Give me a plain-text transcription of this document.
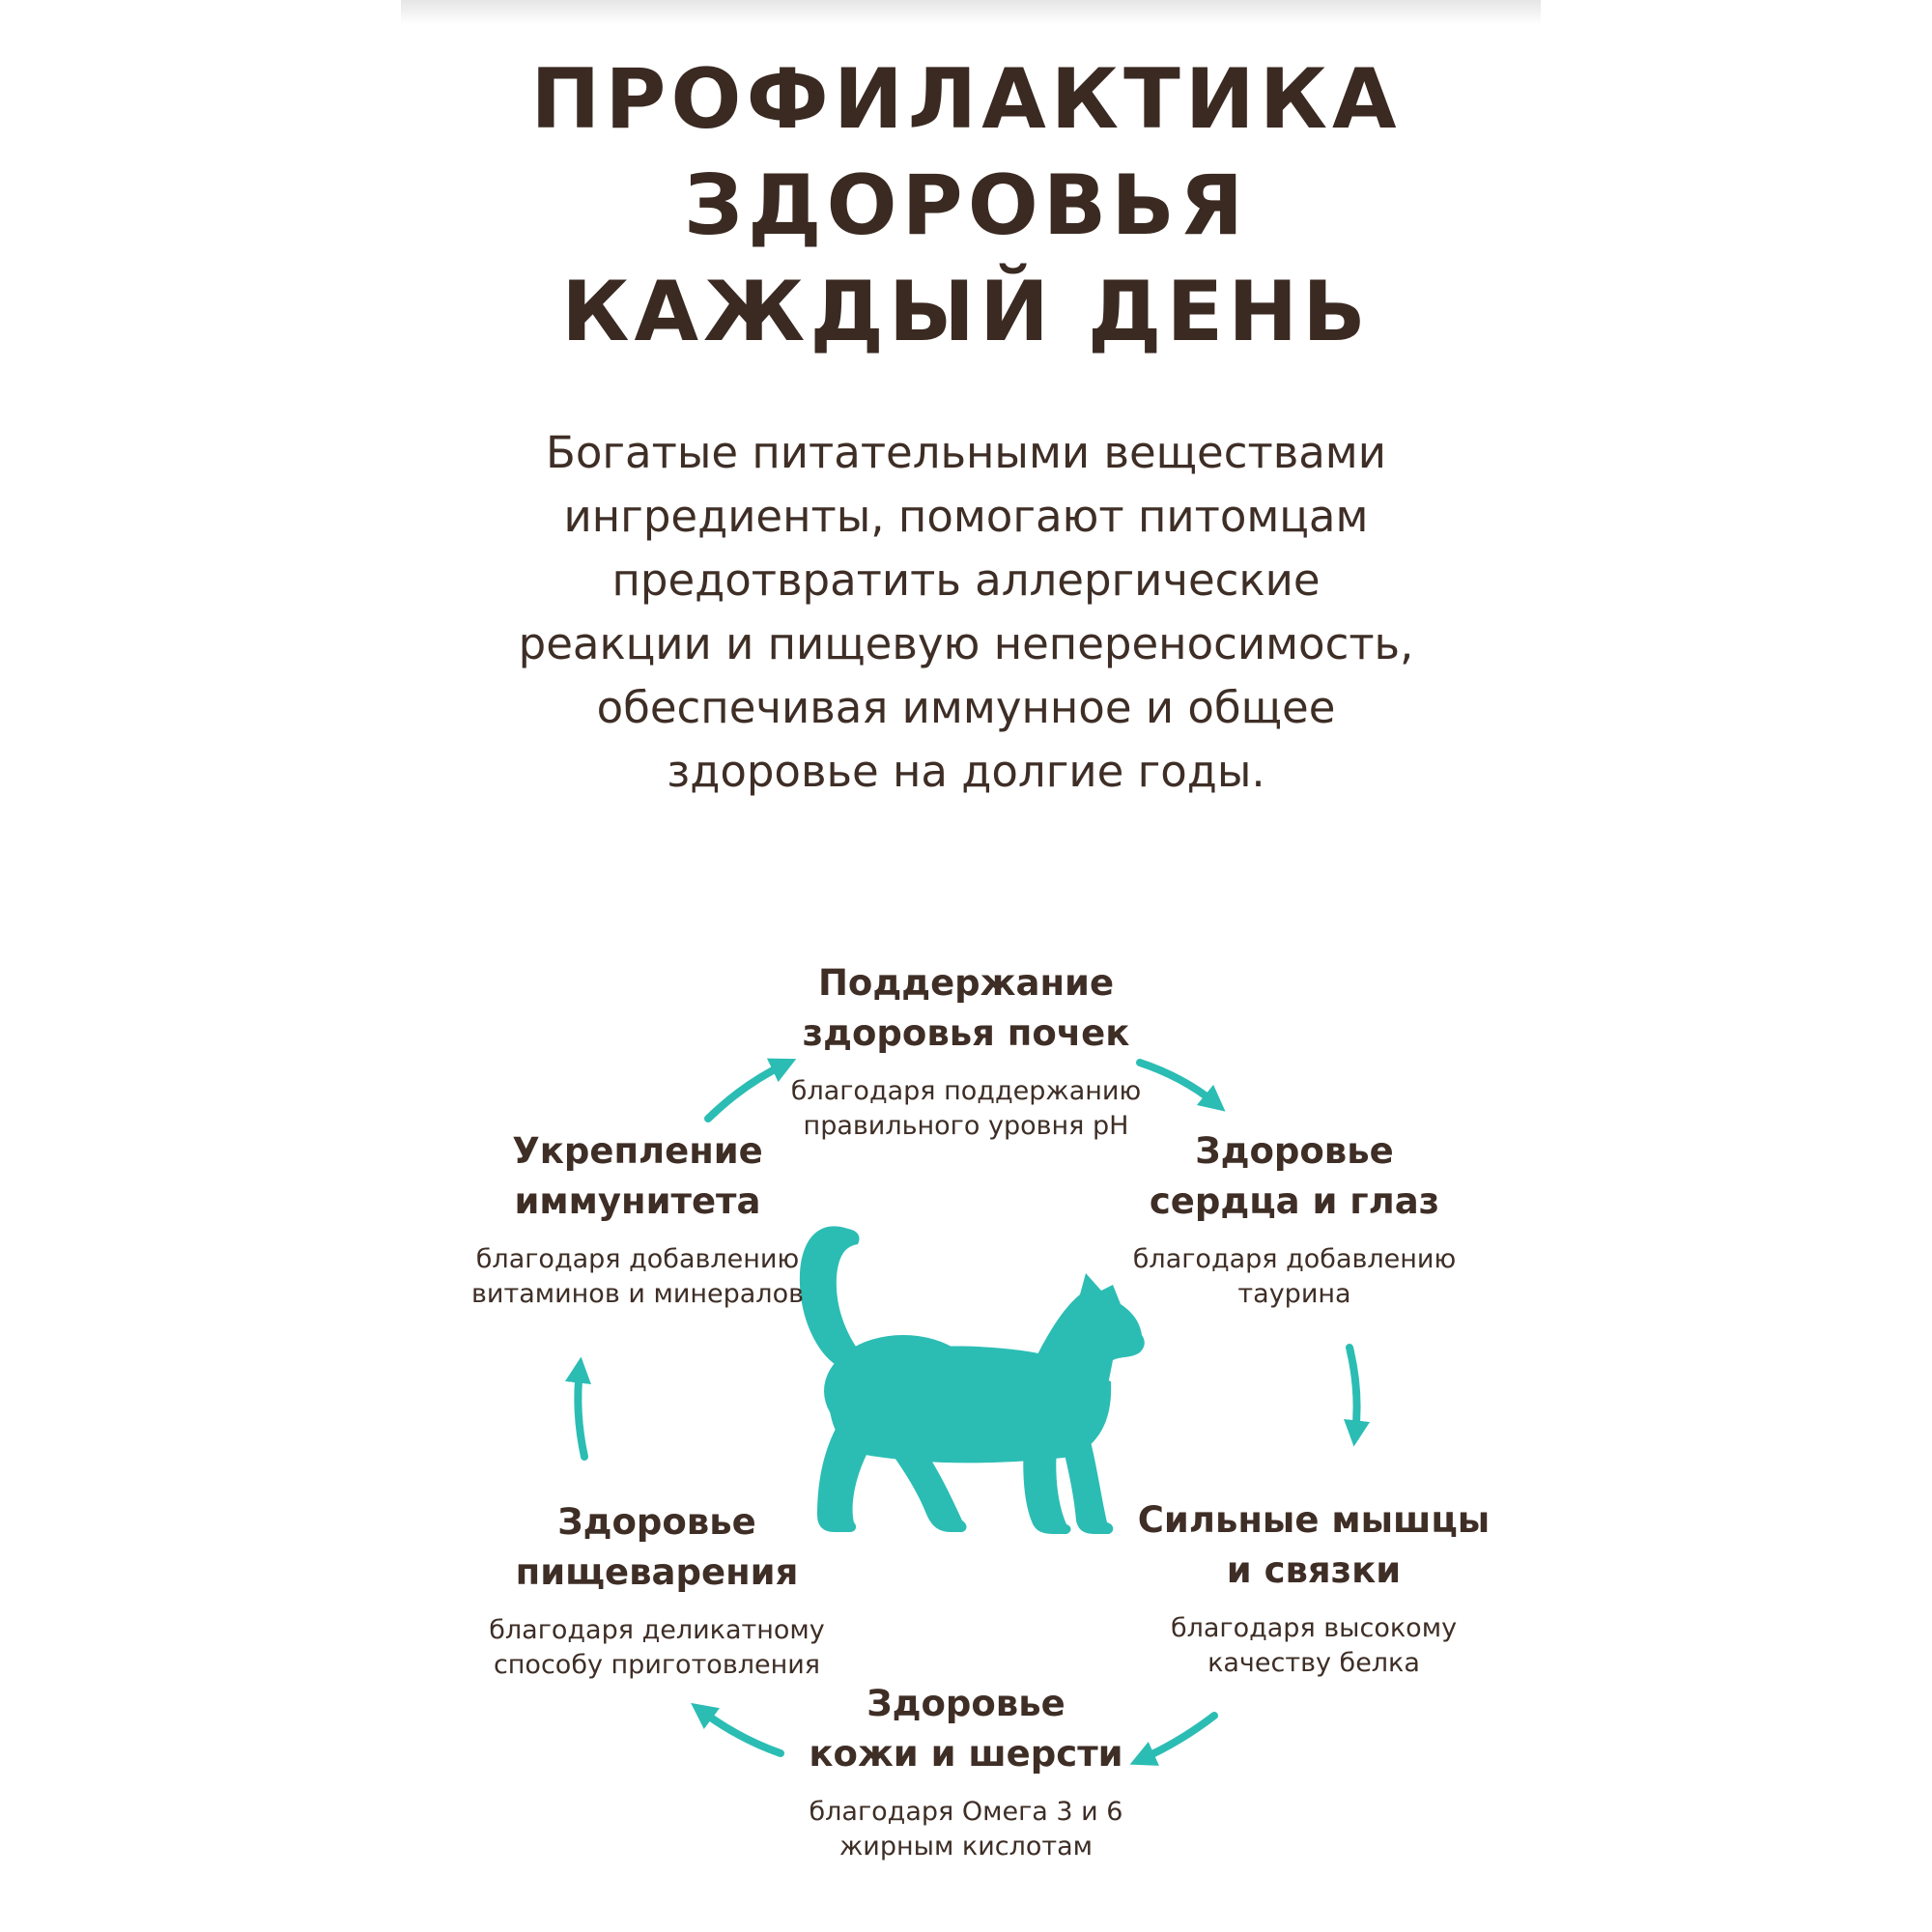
ПРОФИЛАКТИКА
ЗДОРОВЬЯ
КАЖДЫЙ ДЕНЬ
Богатые питательными веществами
ингредиенты, помогают питомцам
предотвратить аллергические
реакции и пищевую непереносимость,
обеспечивая иммунное и общее
здоровье на долгие годы.
Поддержание
здоровья почек
благодаря поддержанию
правильного уровня pH
Здоровье
сердца и глаз
благодаря добавлению
таурина
Сильные мышцы
и связки
благодаря высокому
качеству белка
Здоровье
кожи и шерсти
благодаря Омега 3 и 6
жирным кислотам
Здоровье
пищеварения
благодаря деликатному
способу приготовления
Укрепление
иммунитета
благодаря добавлению
витаминов и минералов
